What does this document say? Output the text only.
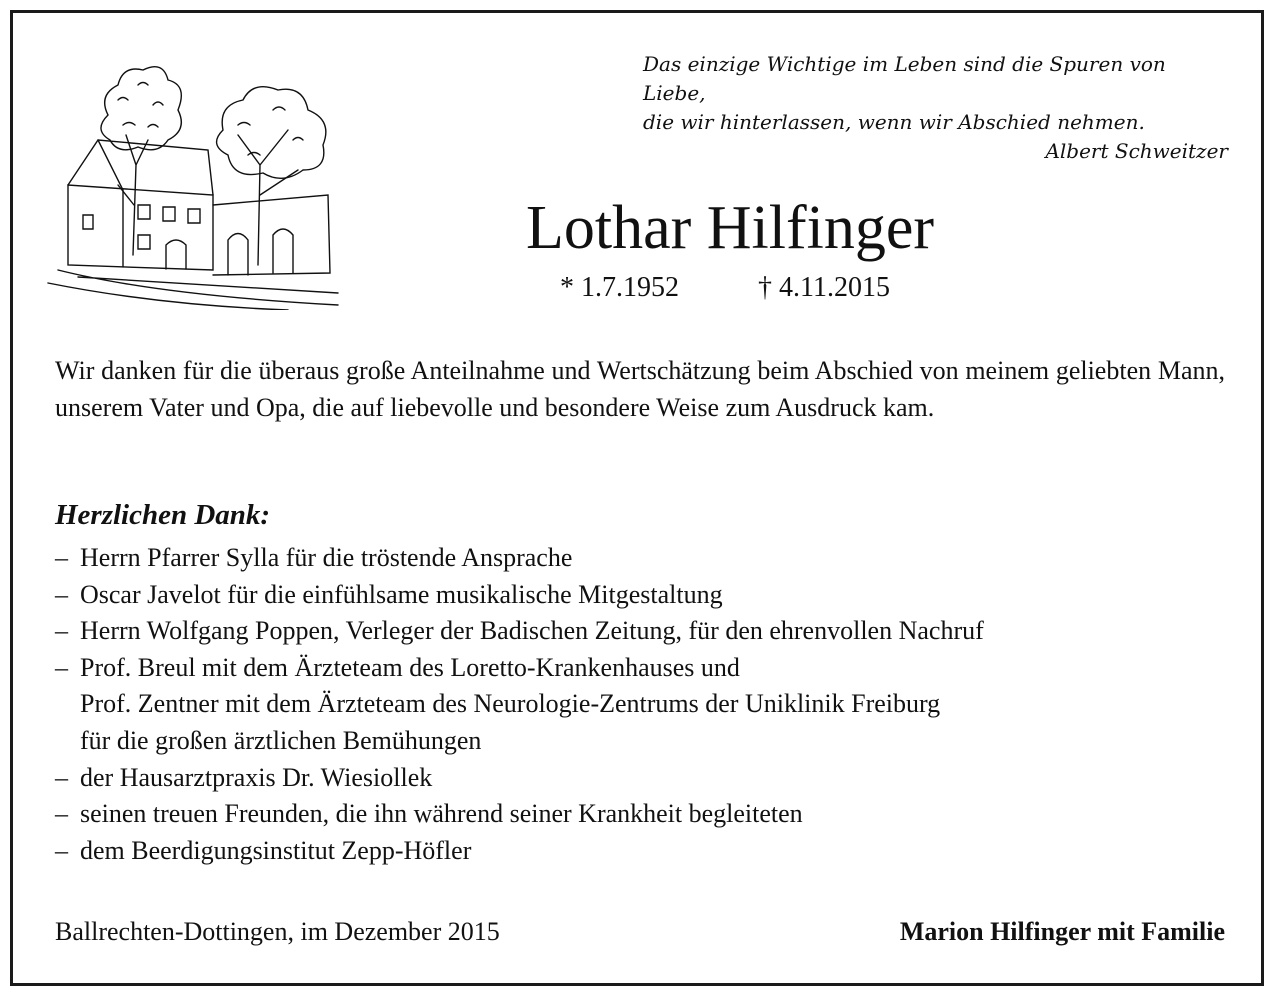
Das einzige Wichtige im Leben sind die Spuren von Liebe,
die wir hinterlassen, wenn wir Abschied nehmen.
Albert Schweitzer
Lothar Hilfinger
* 1.7.1952	† 4.11.2015
Wir danken für die überaus große Anteilnahme und Wertschätzung beim Abschied von meinem geliebten Mann, unserem Vater und Opa, die auf liebevolle und besondere Weise zum Ausdruck kam.
Herzlichen Dank:
– Herrn Pfarrer Sylla für die tröstende Ansprache
– Oscar Javelot für die einfühlsame musikalische Mitgestaltung
– Herrn Wolfgang Poppen, Verleger der Badischen Zeitung, für den ehrenvollen Nachruf
– Prof. Breul mit dem Ärzteteam des Loretto-Krankenhauses und
Prof. Zentner mit dem Ärzteteam des Neurologie-Zentrums der Uniklinik Freiburg
für die großen ärztlichen Bemühungen
– der Hausarztpraxis Dr. Wiesiollek
– seinen treuen Freunden, die ihn während seiner Krankheit begleiteten
– dem Beerdigungsinstitut Zepp-Höfler
Ballrechten-Dottingen, im Dezember 2015	Marion Hilfinger mit Familie
